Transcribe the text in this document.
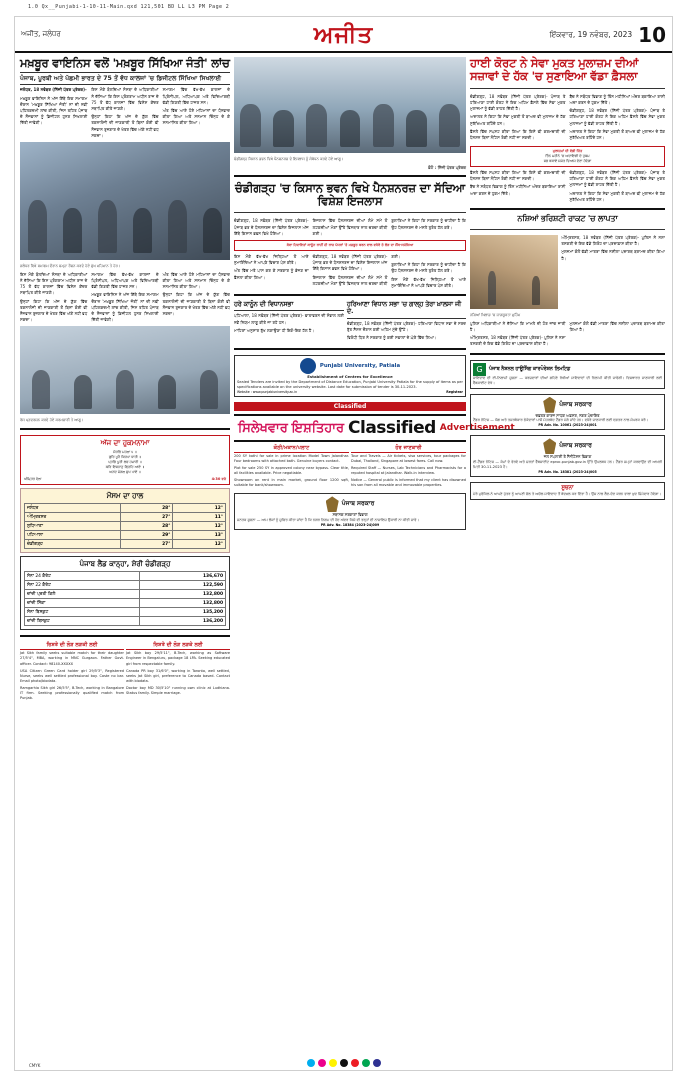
1.0 Qx__Punjabi-1-10-11-Main.qxd 121,501 BD LL L3 PM Page 2
ਅਜੀਤ, ਜਲੰਧਰ	ਅਜੀਤ	ਇੱਕਵਾਰ, 19 ਨਵੰਬਰ, 2023 10
ਮਖ਼ਬੂਰ ਵਾਇਨਿਸ ਵਲੋਂ 'ਮਖ਼ਬੂਰ ਸਿੱਖਿਆ ਜੰਤੀ' ਲਾਂਚ
ਪੰਜਾਬ, ਪੂਰਬੀ ਅਤੇ ਪੱਛਮੀ ਭਾਰਤ ਦੇ 75 ਤੋਂ ਵੱਧ ਕਾਲਜਾਂ 'ਚ ਡਿਜੀਟਲ ਸਿੱਖਿਆ ਸਿਖਲਾਈ

ਜਲੰਧਰ, 18 ਨਵੰਬਰ (ਨਿੱਜੀ ਪੱਤਰ ਪ੍ਰੇਰਕ)-

ਮਖ਼ਬੂਰ ਵਾਇਨਿਸ ਨੇ ਅੱਜ ਇੱਥੇ ਇਕ ਸਮਾਗਮ ਦੌਰਾਨ 'ਮਖ਼ਬੂਰ ਸਿੱਖਿਆ ਜੰਤੀ' ਨਾਂ ਦੀ ਨਵੀਂ ਪਹਿਲਕਦਮੀ ਲਾਂਚ ਕੀਤੀ, ਜਿਸ ਤਹਿਤ ਪੰਜਾਬ ਦੇ ਨੌਜਵਾਨਾਂ ਨੂੰ ਡਿਜੀਟਲ ਹੁਨਰ ਸਿਖਲਾਈ ਦਿੱਤੀ ਜਾਵੇਗੀ।

ਇਸ ਮੌਕੇ ਬੋਲਦਿਆਂ ਸੰਸਥਾ ਦੇ ਅਧਿਕਾਰੀਆਂ ਨੇ ਦੱਸਿਆ ਕਿ ਇਸ ਪ੍ਰੋਗਰਾਮ ਅਧੀਨ ਰਾਜ ਦੇ 75 ਤੋਂ ਵੱਧ ਕਾਲਜਾਂ ਵਿੱਚ ਵਿਸ਼ੇਸ਼ ਕੇਂਦਰ ਸਥਾਪਿਤ ਕੀਤੇ ਜਾਣਗੇ।

ਉਨ੍ਹਾਂ ਕਿਹਾ ਕਿ ਅੱਜ ਦੇ ਯੁੱਗ ਵਿੱਚ ਤਕਨਾਲੋਜੀ ਦੀ ਜਾਣਕਾਰੀ ਤੋਂ ਬਿਨਾਂ ਕੋਈ ਵੀ ਨੌਜਵਾਨ ਰੁਜ਼ਗਾਰ ਦੇ ਖੇਤਰ ਵਿੱਚ ਅੱਗੇ ਨਹੀਂ ਵਧ ਸਕਦਾ।

ਸਮਾਗਮ ਵਿੱਚ ਵੱਖ-ਵੱਖ ਕਾਲਜਾਂ ਦੇ ਪ੍ਰਿੰਸੀਪਲ, ਅਧਿਆਪਕ ਅਤੇ ਵਿਦਿਆਰਥੀ ਵੱਡੀ ਗਿਣਤੀ ਵਿੱਚ ਹਾਜ਼ਰ ਸਨ।

ਅੰਤ ਵਿੱਚ ਆਏ ਹੋਏ ਮਹਿਮਾਨਾਂ ਦਾ ਧੰਨਵਾਦ ਕੀਤਾ ਗਿਆ ਅਤੇ ਸਨਮਾਨ ਚਿੰਨ੍ਹ ਦੇ ਕੇ ਸਨਮਾਨਿਤ ਕੀਤਾ ਗਿਆ।

ਜਲੰਧਰ ਵਿਖੇ ਸਮਾਗਮ ਦੌਰਾਨ ਸ਼ਮ੍ਹਾ ਰੌਸ਼ਨ ਕਰਦੇ ਹੋਏ ਮੁੱਖ ਮਹਿਮਾਨ ਤੇ ਹੋਰ।

ਇਸ ਮੌਕੇ ਬੋਲਦਿਆਂ ਸੰਸਥਾ ਦੇ ਅਧਿਕਾਰੀਆਂ ਨੇ ਦੱਸਿਆ ਕਿ ਇਸ ਪ੍ਰੋਗਰਾਮ ਅਧੀਨ ਰਾਜ ਦੇ 75 ਤੋਂ ਵੱਧ ਕਾਲਜਾਂ ਵਿੱਚ ਵਿਸ਼ੇਸ਼ ਕੇਂਦਰ ਸਥਾਪਿਤ ਕੀਤੇ ਜਾਣਗੇ।

ਉਨ੍ਹਾਂ ਕਿਹਾ ਕਿ ਅੱਜ ਦੇ ਯੁੱਗ ਵਿੱਚ ਤਕਨਾਲੋਜੀ ਦੀ ਜਾਣਕਾਰੀ ਤੋਂ ਬਿਨਾਂ ਕੋਈ ਵੀ ਨੌਜਵਾਨ ਰੁਜ਼ਗਾਰ ਦੇ ਖੇਤਰ ਵਿੱਚ ਅੱਗੇ ਨਹੀਂ ਵਧ ਸਕਦਾ।

ਸਮਾਗਮ ਵਿੱਚ ਵੱਖ-ਵੱਖ ਕਾਲਜਾਂ ਦੇ ਪ੍ਰਿੰਸੀਪਲ, ਅਧਿਆਪਕ ਅਤੇ ਵਿਦਿਆਰਥੀ ਵੱਡੀ ਗਿਣਤੀ ਵਿੱਚ ਹਾਜ਼ਰ ਸਨ।

ਮਖ਼ਬੂਰ ਵਾਇਨਿਸ ਨੇ ਅੱਜ ਇੱਥੇ ਇਕ ਸਮਾਗਮ ਦੌਰਾਨ 'ਮਖ਼ਬੂਰ ਸਿੱਖਿਆ ਜੰਤੀ' ਨਾਂ ਦੀ ਨਵੀਂ ਪਹਿਲਕਦਮੀ ਲਾਂਚ ਕੀਤੀ, ਜਿਸ ਤਹਿਤ ਪੰਜਾਬ ਦੇ ਨੌਜਵਾਨਾਂ ਨੂੰ ਡਿਜੀਟਲ ਹੁਨਰ ਸਿਖਲਾਈ ਦਿੱਤੀ ਜਾਵੇਗੀ।

ਅੰਤ ਵਿੱਚ ਆਏ ਹੋਏ ਮਹਿਮਾਨਾਂ ਦਾ ਧੰਨਵਾਦ ਕੀਤਾ ਗਿਆ ਅਤੇ ਸਨਮਾਨ ਚਿੰਨ੍ਹ ਦੇ ਕੇ ਸਨਮਾਨਿਤ ਕੀਤਾ ਗਿਆ।

ਉਨ੍ਹਾਂ ਕਿਹਾ ਕਿ ਅੱਜ ਦੇ ਯੁੱਗ ਵਿੱਚ ਤਕਨਾਲੋਜੀ ਦੀ ਜਾਣਕਾਰੀ ਤੋਂ ਬਿਨਾਂ ਕੋਈ ਵੀ ਨੌਜਵਾਨ ਰੁਜ਼ਗਾਰ ਦੇ ਖੇਤਰ ਵਿੱਚ ਅੱਗੇ ਨਹੀਂ ਵਧ ਸਕਦਾ।

ਰੋਸ ਪ੍ਰਦਰਸ਼ਨ ਕਰਦੇ ਹੋਏ ਕਰਮਚਾਰੀ ਤੇ ਆਗੂ।
ਅੱਜ ਦਾ ਹੁਕਮਨਾਮਾ
ਸੋਰਠਿ ਮਹਲਾ ੫ ॥
ਗੁਰਿ ਪੂਰੈ ਕਿਰਪਾ ਧਾਰੀ ॥
ਪ੍ਰਭਿ ਪੂਰੀ ਲੋਚ ਹਮਾਰੀ ॥
ਕਰਿ ਇਸਨਾਨੁ ਗ੍ਰਿਹਿ ਆਏ ॥
ਅਨਦ ਮੰਗਲ ਸੁਖ ਪਾਏ ॥
ਅੰਮ੍ਰਿਤ ਵੇਲਾ	4:30 ਵਜੇ
ਮੌਸਮ ਦਾ ਹਾਲ
ਜਲੰਧਰ	28°	12°
ਅੰਮ੍ਰਿਤਸਰ	27°	11°
ਲੁਧਿਆਣਾ	28°	12°
ਪਟਿਆਲਾ	29°	13°
ਚੰਡੀਗੜ੍ਹ	27°	12°
ਪੰਜਾਬ ਲੈਂਡ ਕਾਨ੍ਹਾ, ਸ਼ੇਰੀ ਚੰਡੀਗੜ੍ਹ
ਸੋਨਾ 24 ਕੈਰੇਟ	136,670
ਸੋਨਾ 22 ਕੈਰੇਟ	122,590
ਚਾਂਦੀ ਪ੍ਰਤੀ ਕਿਲੋ	132,800
ਚਾਂਦੀ ਸਿੱਕਾ	132,800
ਸੋਨਾ ਬਿਸਕੁਟ	135,200
ਚਾਂਦੀ ਬਿਸਕੁਟ	136,200
ਰਿਸ਼ਤੇ ਦੀ ਲੋੜ ਲੜਕੀ ਲਈ

Jat Sikh family seeks suitable match for their daughter 27/5'4", MBA, working in MNC Gurgaon. Father Govt. officer. Contact: 98140-XXXXX

USA Citizen Green Card holder girl 29/5'3", Registered Nurse, seeks well settled professional boy. Caste no bar. Email photo/biodata.

Ramgarhia Sikh girl 26/5'5", B.Tech, working in Bangalore IT firm. Seeking professionally qualified match from Punjab.

ਰਿਸ਼ਤੇ ਦੀ ਲੋੜ ਲੜਕੇ ਲਈ

Jat Sikh boy 29/5'11", B.Tech, working as Software Engineer in Bengaluru, package 18 LPA. Seeking educated girl from respectable family.

Canada PR boy 31/6'0", working in Toronto, well settled, seeks Jat Sikh girl, preference to Canada based. Contact with biodata.

Doctor boy MD 30/5'10" running own clinic at Ludhiana. Status family. Simple marriage.

ਚੰਡੀਗੜ੍ਹ ਕਿਸਾਨ ਭਵਨ ਵਿਖੇ ਪੈਨਸ਼ਨਰਜ਼ ਦੇ ਇਜਲਾਸ ਨੂੰ ਸੰਬੋਧਨ ਕਰਦੇ ਹੋਏ ਆਗੂ।
ਫ਼ੋਟੋ : ਨਿੱਜੀ ਪੱਤਰ ਪ੍ਰੇਰਕ
ਚੰਡੀਗੜ੍ਹ 'ਚ ਕਿਸਾਨ ਭਵਨ ਵਿਖੇ ਪੈਨਸ਼ਨਰਜ਼ ਦਾ ਸੱਦਿਆ ਵਿਸ਼ੇਸ਼ ਇਜਲਾਸ

ਚੰਡੀਗੜ੍ਹ, 18 ਨਵੰਬਰ (ਨਿੱਜੀ ਪੱਤਰ ਪ੍ਰੇਰਕ)- ਪੰਜਾਬ ਭਰ ਦੇ ਪੈਨਸ਼ਨਰਜ਼ ਦਾ ਵਿਸ਼ੇਸ਼ ਇਜਲਾਸ ਅੱਜ ਇੱਥੇ ਕਿਸਾਨ ਭਵਨ ਵਿਖੇ ਹੋਇਆ।

ਇਜਲਾਸ ਵਿੱਚ ਪੈਨਸ਼ਨਰਜ਼ ਦੀਆਂ ਲੰਮੇ ਸਮੇਂ ਤੋਂ ਲਟਕਦੀਆਂ ਮੰਗਾਂ ਉੱਤੇ ਵਿਸਥਾਰ ਨਾਲ ਚਰਚਾ ਕੀਤੀ ਗਈ।

ਬੁਲਾਰਿਆਂ ਨੇ ਕਿਹਾ ਕਿ ਸਰਕਾਰ ਨੂੰ ਚਾਹੀਦਾ ਹੈ ਕਿ ਉਹ ਪੈਨਸ਼ਨਰਜ਼ ਦੇ ਮਸਲੇ ਤੁਰੰਤ ਹੱਲ ਕਰੇ।

ਸੇਵਾ ਹਿਦਾਇਤਾਂ ਕਾਨੂੰਨ ਰਾਹੀਂ ਹੀ ਰਾਜ ਪੱਧਰਾਂ 'ਤੇ ਮਜ਼ਬੂਤ ਕਰਨ ਵਾਲ ਵਧੇਰੇ ਤੇ ਲੋੜ ਦਾ ਸੌਂਕ-ਸਮੱਸਿਆ

ਇਸ ਮੌਕੇ ਵੱਖ-ਵੱਖ ਜ਼ਿਲ੍ਹਿਆਂ ਤੋਂ ਆਏ ਨੁਮਾਇੰਦਿਆਂ ਨੇ ਆਪਣੇ ਵਿਚਾਰ ਪੇਸ਼ ਕੀਤੇ।

ਅੰਤ ਵਿੱਚ ਮਤੇ ਪਾਸ ਕਰ ਕੇ ਸਰਕਾਰ ਨੂੰ ਭੇਜਣ ਦਾ ਫ਼ੈਸਲਾ ਕੀਤਾ ਗਿਆ।

ਚੰਡੀਗੜ੍ਹ, 18 ਨਵੰਬਰ (ਨਿੱਜੀ ਪੱਤਰ ਪ੍ਰੇਰਕ)- ਪੰਜਾਬ ਭਰ ਦੇ ਪੈਨਸ਼ਨਰਜ਼ ਦਾ ਵਿਸ਼ੇਸ਼ ਇਜਲਾਸ ਅੱਜ ਇੱਥੇ ਕਿਸਾਨ ਭਵਨ ਵਿਖੇ ਹੋਇਆ।

ਇਜਲਾਸ ਵਿੱਚ ਪੈਨਸ਼ਨਰਜ਼ ਦੀਆਂ ਲੰਮੇ ਸਮੇਂ ਤੋਂ ਲਟਕਦੀਆਂ ਮੰਗਾਂ ਉੱਤੇ ਵਿਸਥਾਰ ਨਾਲ ਚਰਚਾ ਕੀਤੀ ਗਈ।

ਬੁਲਾਰਿਆਂ ਨੇ ਕਿਹਾ ਕਿ ਸਰਕਾਰ ਨੂੰ ਚਾਹੀਦਾ ਹੈ ਕਿ ਉਹ ਪੈਨਸ਼ਨਰਜ਼ ਦੇ ਮਸਲੇ ਤੁਰੰਤ ਹੱਲ ਕਰੇ।

ਇਸ ਮੌਕੇ ਵੱਖ-ਵੱਖ ਜ਼ਿਲ੍ਹਿਆਂ ਤੋਂ ਆਏ ਨੁਮਾਇੰਦਿਆਂ ਨੇ ਆਪਣੇ ਵਿਚਾਰ ਪੇਸ਼ ਕੀਤੇ।

ਹਰੇ ਕਾਨੂੰਨ ਦੀ ਵਿਧਾਨਸਭਾ

ਪਟਿਆਲਾ, 18 ਨਵੰਬਰ (ਨਿੱਜੀ ਪੱਤਰ ਪ੍ਰੇਰਕ)- ਵਾਤਾਵਰਨ ਦੀ ਸੰਭਾਲ ਲਈ ਨਵੇਂ ਨਿਯਮ ਲਾਗੂ ਕੀਤੇ ਜਾ ਰਹੇ ਹਨ।

ਮਾਹਿਰਾਂ ਅਨੁਸਾਰ ਰੁੱਖ ਲਗਾਉਣਾ ਹੀ ਇਕੋ-ਇਕ ਹੱਲ ਹੈ।

ਹਰਿਆਣਾ ਵਿਧਾਨ ਸਭਾ 'ਚ ਗਾਲ੍ਹ ਤੇਰਾ ਖ਼ਾਲਸਾ ਜੀ ਦੇ.

ਚੰਡੀਗੜ੍ਹ, 18 ਨਵੰਬਰ (ਨਿੱਜੀ ਪੱਤਰ ਪ੍ਰੇਰਕ)- ਹਰਿਆਣਾ ਵਿਧਾਨ ਸਭਾ ਦੇ ਸਰਦ ਰੁੱਤ ਸੈਸ਼ਨ ਦੌਰਾਨ ਕਈ ਅਹਿਮ ਮੁੱਦੇ ਉੱਠੇ।

ਵਿਰੋਧੀ ਧਿਰ ਨੇ ਸਰਕਾਰ ਨੂੰ ਕਈ ਸਵਾਲਾਂ ਦੇ ਘੇਰੇ ਵਿੱਚ ਲਿਆ।

Punjabi University, Patiala
Establishment of Centres for Excellence
Sealed Tenders are invited by the Department of Distance Education, Punjabi University Patiala for the supply of items as per specifications available on the university website. Last date for submission of tender is 30-11-2023.
Website : www.punjabiuniversity.ac.in	Registrar
Classified
ਸਿਲੇਖਵਾਰ ਇਸ਼ਤਿਹਾਰ Classified Advertisement
ਕੋਠੀ/ਮਕਾਨ/ਪਲਾਟ

200 SY kothi for sale in prime location Model Town Jalandhar. Four bedrooms with attached bath. Genuine buyers contact.

Plot for sale 250 SY in approved colony near bypass. Clear title, all facilities available. Price negotiable.

Showroom on rent in main market, ground floor 1200 sqft, suitable for bank/showroom.

ਹੋਰ ਜਾਣਕਾਰੀ

Tour and Travels — Air tickets, visa services, tour packages for Dubai, Thailand, Singapore at lowest fares. Call now.

Required Staff — Nurses, Lab Technicians and Pharmacists for a reputed hospital at Jalandhar. Walk-in interview.

Notice — General public is informed that my client has disowned his son from all movable and immovable properties.

ਪੰਜਾਬ ਸਰਕਾਰ
ਸਥਾਨਕ ਸਰਕਾਰਾਂ ਵਿਭਾਗ
ਜਨਤਕ ਸੂਚਨਾ — ਆਮ ਲੋਕਾਂ ਨੂੰ ਸੂਚਿਤ ਕੀਤਾ ਜਾਂਦਾ ਹੈ ਕਿ ਨਗਰ ਨਿਗਮ ਦੀ ਹੱਦ ਅੰਦਰ ਕਿਸੇ ਵੀ ਤਰ੍ਹਾਂ ਦੀ ਨਾਜਾਇਜ਼ ਉਸਾਰੀ ਨਾ ਕੀਤੀ ਜਾਵੇ।
PR Adv. No. 18384 (2023-24)009
ਹਾਈ ਕੋਰਟ ਨੇ ਸੇਵਾ ਮੁਕਤ ਮੁਲਾਜ਼ਮ ਦੀਆਂ ਸਜ਼ਾਵਾਂ ਦੇ ਹੱਕ 'ਚ ਸੁਣਾਇਆ ਵੱਡਾ ਫ਼ੈਸਲਾ

ਚੰਡੀਗੜ੍ਹ, 18 ਨਵੰਬਰ (ਨਿੱਜੀ ਪੱਤਰ ਪ੍ਰੇਰਕ)- ਪੰਜਾਬ ਤੇ ਹਰਿਆਣਾ ਹਾਈ ਕੋਰਟ ਨੇ ਇਕ ਅਹਿਮ ਫ਼ੈਸਲੇ ਵਿੱਚ ਸੇਵਾ ਮੁਕਤ ਮੁਲਾਜ਼ਮਾਂ ਨੂੰ ਵੱਡੀ ਰਾਹਤ ਦਿੱਤੀ ਹੈ।

ਅਦਾਲਤ ਨੇ ਕਿਹਾ ਕਿ ਸੇਵਾ ਮੁਕਤੀ ਤੋਂ ਬਾਅਦ ਵੀ ਮੁਲਾਜ਼ਮ ਦੇ ਹੱਕ ਸੁਰੱਖਿਅਤ ਰਹਿੰਦੇ ਹਨ।

ਫ਼ੈਸਲੇ ਵਿੱਚ ਸਪਸ਼ਟ ਕੀਤਾ ਗਿਆ ਕਿ ਕਿਸੇ ਵੀ ਕਰਮਚਾਰੀ ਦੀ ਪੈਨਸ਼ਨ ਬਿਨਾਂ ਨੋਟਿਸ ਰੋਕੀ ਨਹੀਂ ਜਾ ਸਕਦੀ।

ਬੈਂਚ ਨੇ ਸਬੰਧਤ ਵਿਭਾਗ ਨੂੰ ਤਿੰਨ ਮਹੀਨਿਆਂ ਅੰਦਰ ਬਕਾਇਆ ਰਾਸ਼ੀ ਅਦਾ ਕਰਨ ਦੇ ਹੁਕਮ ਦਿੱਤੇ।

ਚੰਡੀਗੜ੍ਹ, 18 ਨਵੰਬਰ (ਨਿੱਜੀ ਪੱਤਰ ਪ੍ਰੇਰਕ)- ਪੰਜਾਬ ਤੇ ਹਰਿਆਣਾ ਹਾਈ ਕੋਰਟ ਨੇ ਇਕ ਅਹਿਮ ਫ਼ੈਸਲੇ ਵਿੱਚ ਸੇਵਾ ਮੁਕਤ ਮੁਲਾਜ਼ਮਾਂ ਨੂੰ ਵੱਡੀ ਰਾਹਤ ਦਿੱਤੀ ਹੈ।

ਅਦਾਲਤ ਨੇ ਕਿਹਾ ਕਿ ਸੇਵਾ ਮੁਕਤੀ ਤੋਂ ਬਾਅਦ ਵੀ ਮੁਲਾਜ਼ਮ ਦੇ ਹੱਕ ਸੁਰੱਖਿਅਤ ਰਹਿੰਦੇ ਹਨ।

ਮੁਲਾਜ਼ਮਾਂ ਦੀ ਵੱਡੀ ਜਿੱਤ
ਤਿੰਨ ਮਹੀਨੇ 'ਚ ਅਦਾਇਗੀ ਦੇ ਹੁਕਮ
ਸਭ ਬਕਾਏ ਸਮੇਤ ਵਿਆਜ ਦੇਣਾ ਹੋਵੇਗਾ

ਫ਼ੈਸਲੇ ਵਿੱਚ ਸਪਸ਼ਟ ਕੀਤਾ ਗਿਆ ਕਿ ਕਿਸੇ ਵੀ ਕਰਮਚਾਰੀ ਦੀ ਪੈਨਸ਼ਨ ਬਿਨਾਂ ਨੋਟਿਸ ਰੋਕੀ ਨਹੀਂ ਜਾ ਸਕਦੀ।

ਬੈਂਚ ਨੇ ਸਬੰਧਤ ਵਿਭਾਗ ਨੂੰ ਤਿੰਨ ਮਹੀਨਿਆਂ ਅੰਦਰ ਬਕਾਇਆ ਰਾਸ਼ੀ ਅਦਾ ਕਰਨ ਦੇ ਹੁਕਮ ਦਿੱਤੇ।

ਚੰਡੀਗੜ੍ਹ, 18 ਨਵੰਬਰ (ਨਿੱਜੀ ਪੱਤਰ ਪ੍ਰੇਰਕ)- ਪੰਜਾਬ ਤੇ ਹਰਿਆਣਾ ਹਾਈ ਕੋਰਟ ਨੇ ਇਕ ਅਹਿਮ ਫ਼ੈਸਲੇ ਵਿੱਚ ਸੇਵਾ ਮੁਕਤ ਮੁਲਾਜ਼ਮਾਂ ਨੂੰ ਵੱਡੀ ਰਾਹਤ ਦਿੱਤੀ ਹੈ।

ਅਦਾਲਤ ਨੇ ਕਿਹਾ ਕਿ ਸੇਵਾ ਮੁਕਤੀ ਤੋਂ ਬਾਅਦ ਵੀ ਮੁਲਾਜ਼ਮ ਦੇ ਹੱਕ ਸੁਰੱਖਿਅਤ ਰਹਿੰਦੇ ਹਨ।

ਨਸ਼ਿਆਂ ਭਰਿਸ਼ਟੀ ਰਾਕਟ 'ਚ ਲਾਪਤਾ

ਅੰਮ੍ਰਿਤਸਰ, 18 ਨਵੰਬਰ (ਨਿੱਜੀ ਪੱਤਰ ਪ੍ਰੇਰਕ)- ਪੁਲਿਸ ਨੇ ਨਸ਼ਾ ਤਸਕਰੀ ਦੇ ਇਕ ਵੱਡੇ ਗਿਰੋਹ ਦਾ ਪਰਦਾਫ਼ਾਸ਼ ਕੀਤਾ ਹੈ।

ਮੁਲਜ਼ਮਾਂ ਕੋਲੋਂ ਵੱਡੀ ਮਾਤਰਾ ਵਿੱਚ ਨਸ਼ੀਲਾ ਪਦਾਰਥ ਬਰਾਮਦ ਕੀਤਾ ਗਿਆ ਹੈ।

ਨਸ਼ਿਆਂ ਖ਼ਿਲਾਫ਼ 'ਚ ਜਾਗਰੂਕਤਾ ਮੁਹਿੰਮ

ਪੁਲਿਸ ਅਧਿਕਾਰੀਆਂ ਨੇ ਦੱਸਿਆ ਕਿ ਮਾਮਲੇ ਦੀ ਹੋਰ ਜਾਂਚ ਜਾਰੀ ਹੈ।

ਅੰਮ੍ਰਿਤਸਰ, 18 ਨਵੰਬਰ (ਨਿੱਜੀ ਪੱਤਰ ਪ੍ਰੇਰਕ)- ਪੁਲਿਸ ਨੇ ਨਸ਼ਾ ਤਸਕਰੀ ਦੇ ਇਕ ਵੱਡੇ ਗਿਰੋਹ ਦਾ ਪਰਦਾਫ਼ਾਸ਼ ਕੀਤਾ ਹੈ।

ਮੁਲਜ਼ਮਾਂ ਕੋਲੋਂ ਵੱਡੀ ਮਾਤਰਾ ਵਿੱਚ ਨਸ਼ੀਲਾ ਪਦਾਰਥ ਬਰਾਮਦ ਕੀਤਾ ਗਿਆ ਹੈ।

G	ਪੰਜਾਬ ਨੈਸ਼ਨਲ ਹਾਊਸਿੰਗ ਕਾਰਪੋਰੇਸ਼ਨ ਲਿਮਟਿਡ
ਜਾਇਦਾਦ ਦੀ ਈ-ਨਿਲਾਮੀ ਸੂਚਨਾ — ਕਰਜ਼ਦਾਰਾਂ ਦੀਆਂ ਗਹਿਣੇ ਰੱਖੀਆਂ ਜਾਇਦਾਦਾਂ ਦੀ ਨਿਲਾਮੀ ਕੀਤੀ ਜਾਵੇਗੀ। ਵਿਸਥਾਰਤ ਜਾਣਕਾਰੀ ਲਈ ਵੈੱਬਸਾਈਟ ਦੇਖੋ।
ਪੰਜਾਬ ਸਰਕਾਰ
ਦਫ਼ਤਰ ਕਾਰਜ ਸਾਧਕ ਅਫ਼ਸਰ, ਨਗਰ ਪੰਚਾਇਤ
ਟੈਂਡਰ ਨੋਟਿਸ — ਯੋਗ ਅਤੇ ਤਜਰਬੇਕਾਰ ਠੇਕੇਦਾਰਾਂ ਪਾਸੋਂ ਮੋਹਰਬੰਦ ਟੈਂਡਰ ਮੰਗੇ ਜਾਂਦੇ ਹਨ। ਵਧੇਰੇ ਜਾਣਕਾਰੀ ਲਈ ਦਫ਼ਤਰ ਨਾਲ ਸੰਪਰਕ ਕਰੋ।
PR Adv. No. 10061 (2023-24)001
ਪੰਜਾਬ ਸਰਕਾਰ
ਜਲ ਸਪਲਾਈ ਤੇ ਸੈਨੀਟੇਸ਼ਨ ਵਿਭਾਗ
ਈ-ਟੈਂਡਰ ਨੋਟਿਸ — ਕੰਮਾਂ ਦੇ ਵੇਰਵੇ ਅਤੇ ਸ਼ਰਤਾਂ ਵੈੱਬਸਾਈਟ eproc.punjab.gov.in ਉੱਤੇ ਉਪਲਬਧ ਹਨ। ਟੈਂਡਰ ਜਮ੍ਹਾਂ ਕਰਵਾਉਣ ਦੀ ਆਖ਼ਰੀ ਮਿਤੀ 30-11-2023 ਹੈ।
PR Adv. No. 18381 (2023-24)005
ਸੂਚਨਾ
ਮੇਰੇ ਮੁਵੱਕਿਲ ਨੇ ਆਪਣੇ ਪੁੱਤਰ ਨੂੰ ਆਪਣੀ ਚੱਲ ਤੇ ਅਚੱਲ ਜਾਇਦਾਦ ਤੋਂ ਬੇਦਖ਼ਲ ਕਰ ਦਿੱਤਾ ਹੈ। ਉਸ ਨਾਲ ਲੈਣ-ਦੇਣ ਕਰਨ ਵਾਲਾ ਖ਼ੁਦ ਜ਼ਿੰਮੇਵਾਰ ਹੋਵੇਗਾ।
CMYK
